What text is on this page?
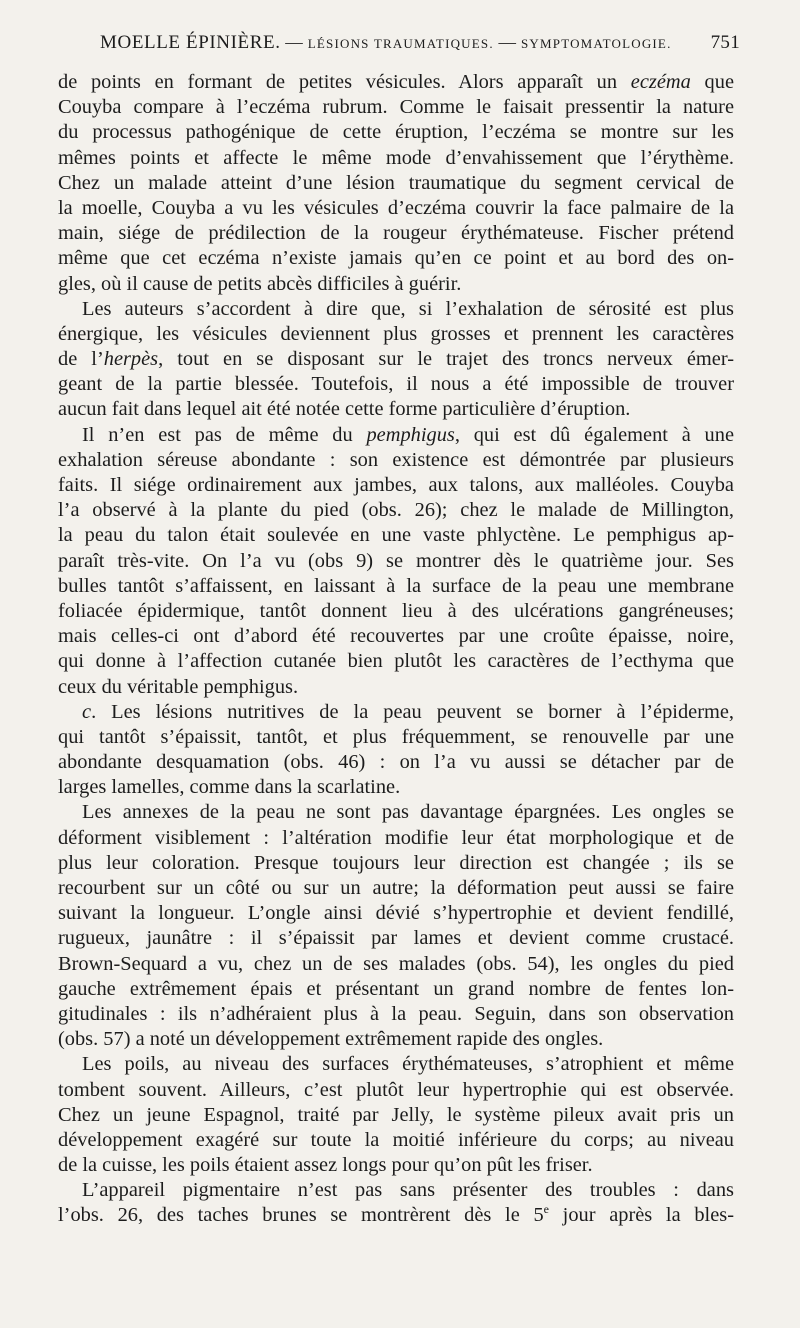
MOELLE ÉPINIÈRE. — LÉSIONS TRAUMATIQUES. — SYMPTOMATOLOGIE. 751
de points en formant de petites vésicules. Alors apparaît un eczéma que
Couyba compare à l’eczéma rubrum. Comme le faisait pressentir la nature
du processus pathogénique de cette éruption, l’eczéma se montre sur les
mêmes points et affecte le même mode d’envahissement que l’érythème.
Chez un malade atteint d’une lésion traumatique du segment cervical de
la moelle, Couyba a vu les vésicules d’eczéma couvrir la face palmaire de la
main, siége de prédilection de la rougeur érythémateuse. Fischer prétend
même que cet eczéma n’existe jamais qu’en ce point et au bord des on-
gles, où il cause de petits abcès difficiles à guérir.
Les auteurs s’accordent à dire que, si l’exhalation de sérosité est plus
énergique, les vésicules deviennent plus grosses et prennent les caractères
de l’herpès, tout en se disposant sur le trajet des troncs nerveux émer-
geant de la partie blessée. Toutefois, il nous a été impossible de trouver
aucun fait dans lequel ait été notée cette forme particulière d’éruption.
Il n’en est pas de même du pemphigus, qui est dû également à une
exhalation séreuse abondante : son existence est démontrée par plusieurs
faits. Il siége ordinairement aux jambes, aux talons, aux malléoles. Couyba
l’a observé à la plante du pied (obs. 26); chez le malade de Millington,
la peau du talon était soulevée en une vaste phlyctène. Le pemphigus ap-
paraît très-vite. On l’a vu (obs 9) se montrer dès le quatrième jour. Ses
bulles tantôt s’affaissent, en laissant à la surface de la peau une membrane
foliacée épidermique, tantôt donnent lieu à des ulcérations gangréneuses;
mais celles-ci ont d’abord été recouvertes par une croûte épaisse, noire,
qui donne à l’affection cutanée bien plutôt les caractères de l’ecthyma que
ceux du véritable pemphigus.
c. Les lésions nutritives de la peau peuvent se borner à l’épiderme,
qui tantôt s’épaissit, tantôt, et plus fréquemment, se renouvelle par une
abondante desquamation (obs. 46) : on l’a vu aussi se détacher par de
larges lamelles, comme dans la scarlatine.
Les annexes de la peau ne sont pas davantage épargnées. Les ongles se
déforment visiblement : l’altération modifie leur état morphologique et de
plus leur coloration. Presque toujours leur direction est changée ; ils se
recourbent sur un côté ou sur un autre; la déformation peut aussi se faire
suivant la longueur. L’ongle ainsi dévié s’hypertrophie et devient fendillé,
rugueux, jaunâtre : il s’épaissit par lames et devient comme crustacé.
Brown-Sequard a vu, chez un de ses malades (obs. 54), les ongles du pied
gauche extrêmement épais et présentant un grand nombre de fentes lon-
gitudinales : ils n’adhéraient plus à la peau. Seguin, dans son observation
(obs. 57) a noté un développement extrêmement rapide des ongles.
Les poils, au niveau des surfaces érythémateuses, s’atrophient et même
tombent souvent. Ailleurs, c’est plutôt leur hypertrophie qui est observée.
Chez un jeune Espagnol, traité par Jelly, le système pileux avait pris un
développement exagéré sur toute la moitié inférieure du corps; au niveau
de la cuisse, les poils étaient assez longs pour qu’on pût les friser.
L’appareil pigmentaire n’est pas sans présenter des troubles : dans
l’obs. 26, des taches brunes se montrèrent dès le 5e jour après la bles-
